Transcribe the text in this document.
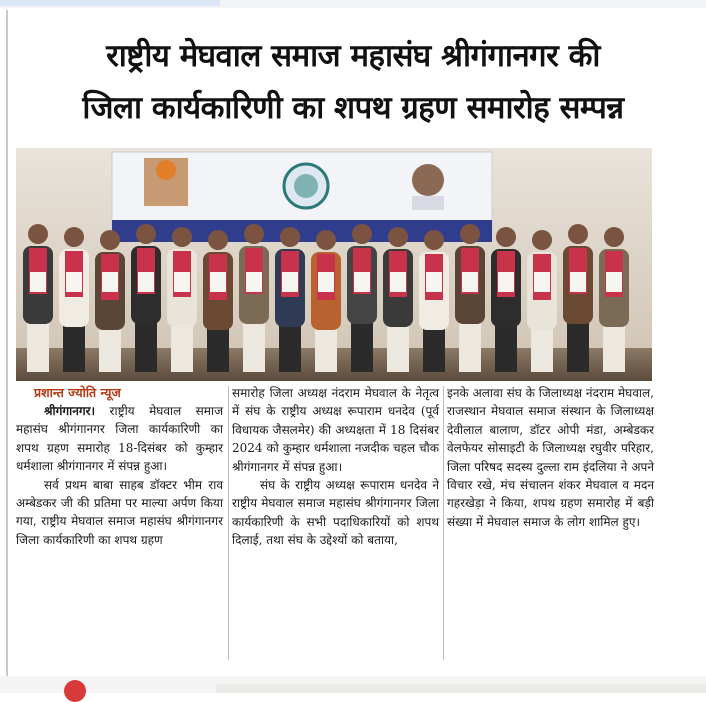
राष्ट्रीय मेघवाल समाज महासंघ श्रीगंगानगर की
जिला कार्यकारिणी का शपथ ग्रहण समारोह सम्पन्न
प्रशान्त ज्योति न्यूज

श्रीगंगानगर। राष्ट्रीय मेघवाल समाज महासंघ श्रीगंगानगर जिला कार्यकारिणी का शपथ ग्रहण समारोह 18-दिसंबर को कुम्हार धर्मशाला श्रीगंगानगर में संपन्न हुआ।

सर्व प्रथम बाबा साहब डॉक्टर भीम राव अम्बेडकर जी की प्रतिमा पर माल्या अर्पण किया गया, राष्ट्रीय मेघवाल समाज महासंघ श्रीगंगानगर जिला कार्यकारिणी का शपथ ग्रहण

समारोह जिला अध्यक्ष नंदराम मेघवाल के नेतृत्व में संघ के राष्ट्रीय अध्यक्ष रूपाराम धनदेव (पूर्व विधायक जैसलमेर) की अध्यक्षता में 18 दिसंबर 2024 को कुम्हार धर्मशाला नजदीक चहल चौक श्रीगंगानगर में संपन्न हुआ।

संघ के राष्ट्रीय अध्यक्ष रूपाराम धनदेव ने राष्ट्रीय मेघवाल समाज महासंघ श्रीगंगानगर जिला कार्यकारिणी के सभी पदाधिकारियों को शपथ दिलाई, तथा संघ के उद्देश्यों को बताया,

इनके अलावा संघ के जिलाध्यक्ष नंदराम मेघवाल, राजस्थान मेघवाल समाज संस्थान के जिलाध्यक्ष देवीलाल बालाण, डॉटर ओपी मंडा, अम्बेडकर वेलफेयर सोसाइटी के जिलाध्यक्ष रघुवीर परिहार, जिला परिषद सदस्य दुल्ला राम इंदलिया ने अपने विचार रखे, मंच संचालन शंकर मेघवाल व मदन गहरखेड़ा ने किया, शपथ ग्रहण समारोह में बड़ी संख्या में मेघवाल समाज के लोग शामिल हुए।
